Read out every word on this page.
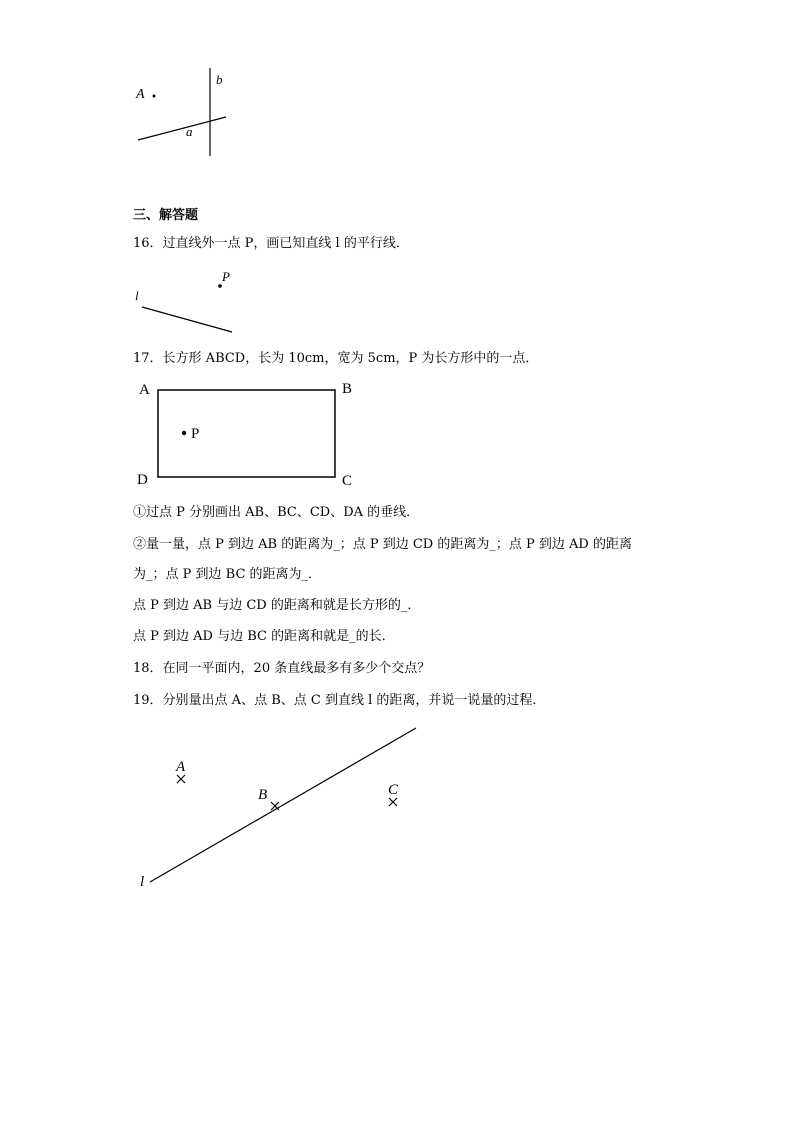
A
b
a
三、解答题
16．过直线外一点 P，画已知直线 l 的平行线．
P
l
17．长方形 ABCD，长为 10cm，宽为 5cm，P 为长方形中的一点．
A	B
C
D
P
①过点 P 分别画出 AB、BC、CD、DA 的垂线．
②量一量，点 P 到边 AB 的距离为_；点 P 到边 CD 的距离为_；点 P 到边 AD 的距离
为_；点 P 到边 BC 的距离为_．
点 P 到边 AB 与边 CD 的距离和就是长方形的_．
点 P 到边 AD 与边 BC 的距离和就是_的长．
18．在同一平面内，20 条直线最多有多少个交点？
19．分别量出点 A、点 B、点 C 到直线 l 的距离，并说一说量的过程．
l
A
B	C
